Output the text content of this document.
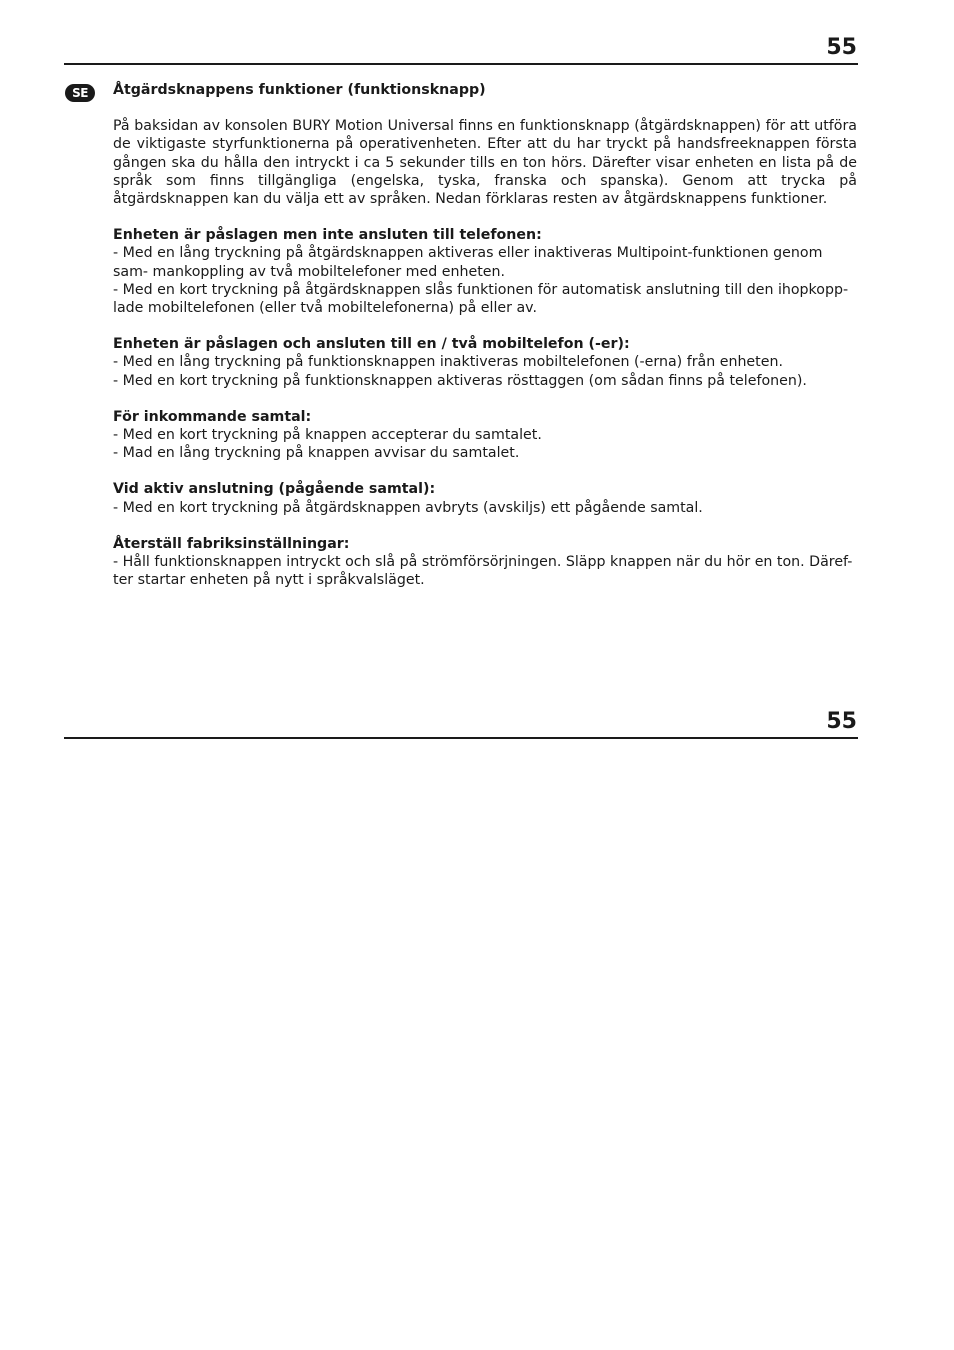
55
SE	Åtgärdsknappens funktioner (funktionsknapp)

På baksidan av konsolen BURY Motion Universal finns en funktionsknapp (åtgärdsknappen) för att utföra de viktigaste styrfunktionerna på operativenheten. Efter att du har tryckt på handsfreeknappen första gången ska du hålla den intryckt i ca 5 sekunder tills en ton hörs. Därefter visar enheten en lista på de språk som finns tillgängliga (engelska, tyska, franska och spanska). Genom att trycka på åtgärdsknappen kan du välja ett av språken. Nedan förklaras resten av åtgärdsknappens funktioner.

Enheten är påslagen men inte ansluten till telefonen:

- Med en lång tryckning på åtgärdsknappen aktiveras eller inaktiveras Multipoint-funktionen genom sam- mankoppling av två mobiltelefoner med enheten.

- Med en kort tryckning på åtgärdsknappen slås funktionen för automatisk anslutning till den ihopkopp- lade mobiltelefonen (eller två mobiltelefonerna) på eller av.

Enheten är påslagen och ansluten till en / två mobiltelefon (-er):

- Med en lång tryckning på funktionsknappen inaktiveras mobiltelefonen (-erna) från enheten.

- Med en kort tryckning på funktionsknappen aktiveras rösttaggen (om sådan finns på telefonen).

För inkommande samtal:

- Med en kort tryckning på knappen accepterar du samtalet.

- Mad en lång tryckning på knappen avvisar du samtalet.

Vid aktiv anslutning (pågående samtal):

- Med en kort tryckning på åtgärdsknappen avbryts (avskiljs) ett pågående samtal.

Återställ fabriksinställningar:

- Håll funktionsknappen intryckt och slå på strömförsörjningen. Släpp knappen när du hör en ton. Däref- ter startar enheten på nytt i språkvalsläget.

55
